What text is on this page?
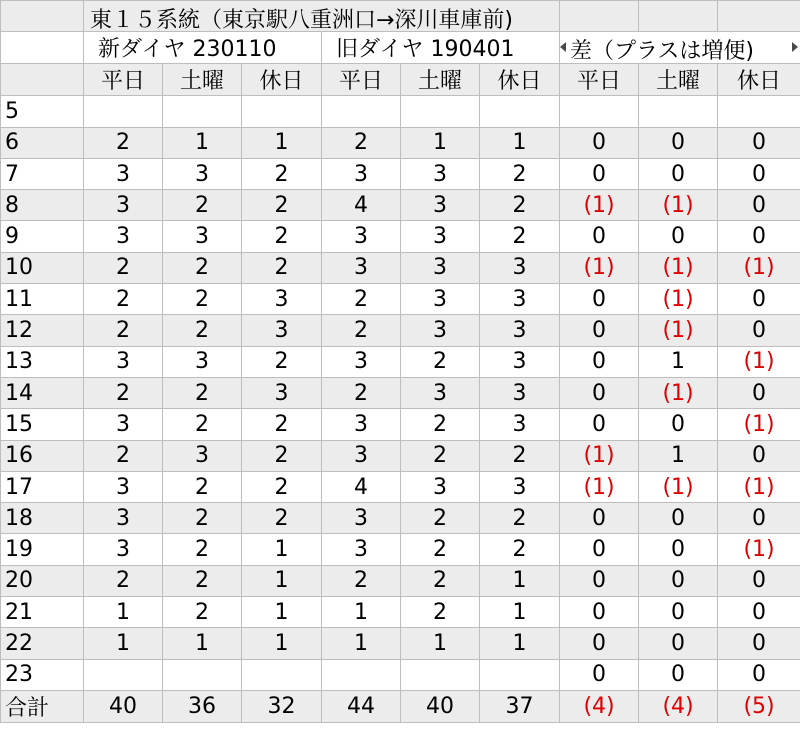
	東１５系統（東京駅八重洲口→深川車庫前)								

	新ダイヤ 230110			旧ダイヤ 190401			差（プラスは増便)		

	平日	土曜	休日	平日	土曜	休日	平日	土曜	休日
5									
6	2	1	1	2	1	1	0	0	0
7	3	3	2	3	3	2	0	0	0
8	3	2	2	4	3	2	(1)	(1)	0
9	3	3	2	3	3	2	0	0	0
10	2	2	2	3	3	3	(1)	(1)	(1)
11	2	2	3	2	3	3	0	(1)	0
12	2	2	3	2	3	3	0	(1)	0
13	3	3	2	3	2	3	0	1	(1)
14	2	2	3	2	3	3	0	(1)	0
15	3	2	2	3	2	3	0	0	(1)
16	2	3	2	3	2	2	(1)	1	0
17	3	2	2	4	3	3	(1)	(1)	(1)
18	3	2	2	3	2	2	0	0	0
19	3	2	1	3	2	2	0	0	(1)
20	2	2	1	2	2	1	0	0	0
21	1	2	1	1	2	1	0	0	0
22	1	1	1	1	1	1	0	0	0
23							0	0	0
合計	40	36	32	44	40	37	(4)	(4)	(5)
